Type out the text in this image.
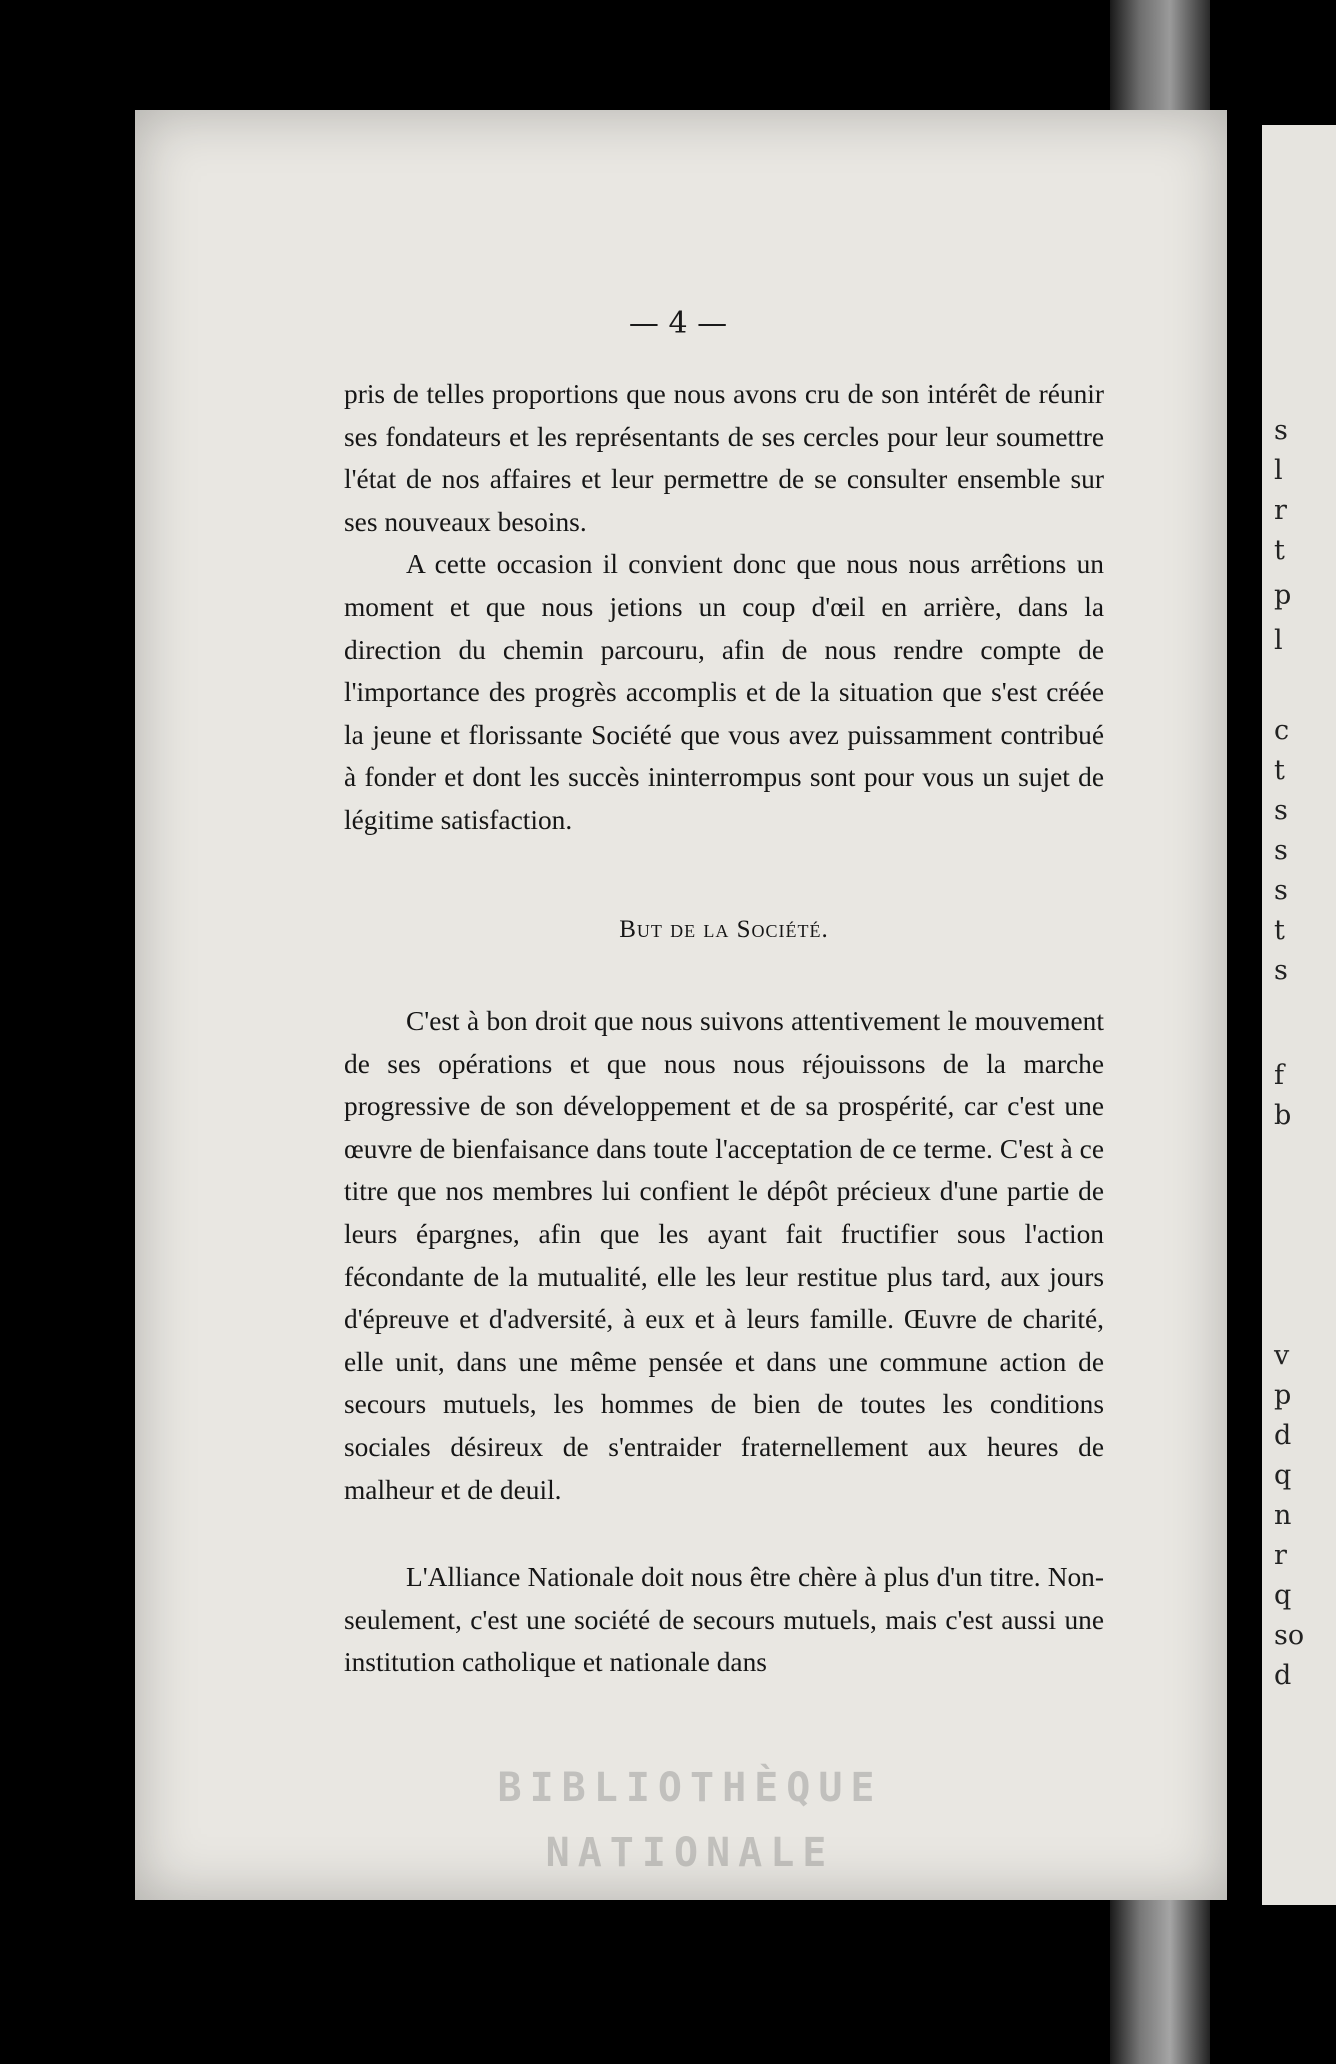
s
l
r
t
p
l
c
t
s
s
s
t
s
f
b
v
p
d
q
n
r
q
so
d
— 4 —

pris de telles proportions que nous avons cru de son intérêt de réunir ses fondateurs et les représentants de ses cercles pour leur soumettre l'état de nos affaires et leur permettre de se consulter ensemble sur ses nouveaux besoins.

A cette occasion il convient donc que nous nous arrêtions un moment et que nous jetions un coup d'œil en arrière, dans la direction du chemin parcouru, afin de nous rendre compte de l'importance des progrès accomplis et de la situation que s'est créée la jeune et florissante Société que vous avez puissamment contribué à fonder et dont les succès ininterrompus sont pour vous un sujet de légitime satisfaction.

But de la Société.

C'est à bon droit que nous suivons attentivement le mouvement de ses opérations et que nous nous réjouissons de la marche progressive de son développement et de sa prospérité, car c'est une œuvre de bienfaisance dans toute l'acceptation de ce terme. C'est à ce titre que nos membres lui confient le dépôt précieux d'une partie de leurs épargnes, afin que les ayant fait fructifier sous l'action fécondante de la mutualité, elle les leur restitue plus tard, aux jours d'épreuve et d'adversité, à eux et à leurs famille. Œuvre de charité, elle unit, dans une même pensée et dans une commune action de secours mutuels, les hommes de bien de toutes les conditions sociales désireux de s'entraider fraternellement aux heures de malheur et de deuil.

L'Alliance Nationale doit nous être chère à plus d'un titre. Non-seulement, c'est une société de secours mutuels, mais c'est aussi une institution catholique et nationale dans

BIBLIOTHÈQUE
NATIONALE
